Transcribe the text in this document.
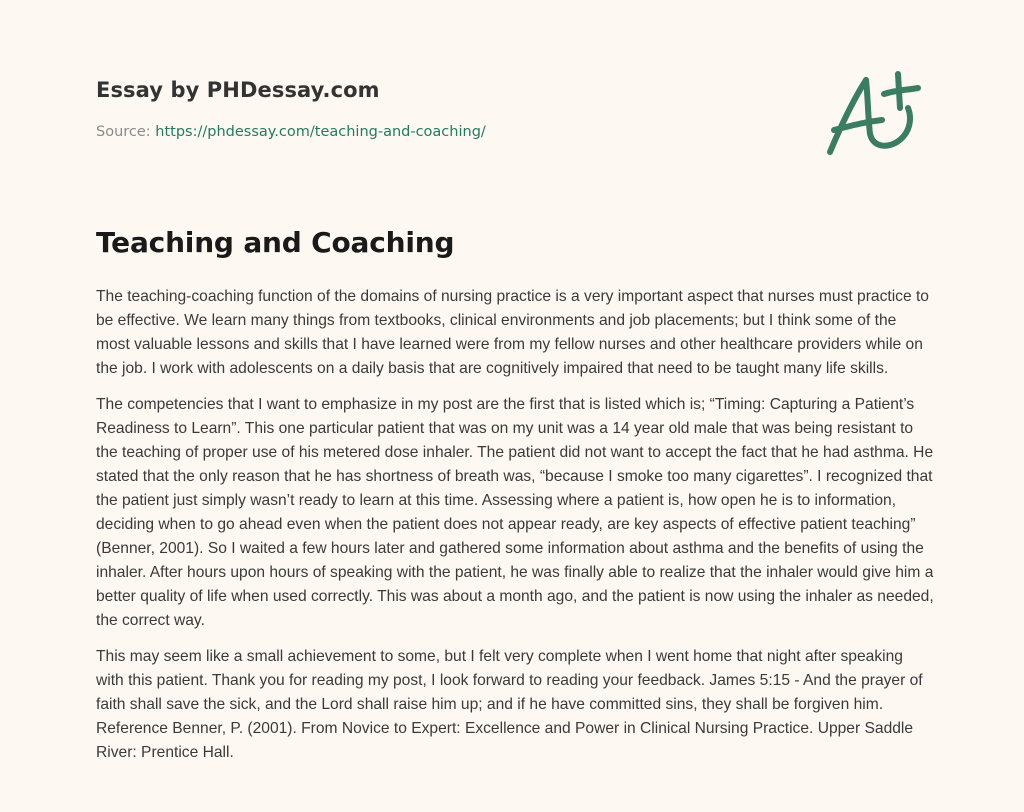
Essay by PHDessay.com
Source: https://phdessay.com/teaching-and-coaching/
Teaching and Coaching

The teaching-coaching function of the domains of nursing practice is a very important aspect that nurses must practice to be effective. We learn many things from textbooks, clinical environments and job placements; but I think some of the most valuable lessons and skills that I have learned were from my fellow nurses and other healthcare providers while on the job. I work with adolescents on a daily basis that are cognitively impaired that need to be taught many life skills.

The competencies that I want to emphasize in my post are the first that is listed which is; “Timing: Capturing a Patient’s Readiness to Learn”. This one particular patient that was on my unit was a 14 year old male that was being resistant to the teaching of proper use of his metered dose inhaler. The patient did not want to accept the fact that he had asthma. He stated that the only reason that he has shortness of breath was, “because I smoke too many cigarettes”. I recognized that the patient just simply wasn’t ready to learn at this time. Assessing where a patient is, how open he is to information, deciding when to go ahead even when the patient does not appear ready, are key aspects of effective patient teaching” (Benner, 2001). So I waited a few hours later and gathered some information about asthma and the benefits of using the inhaler. After hours upon hours of speaking with the patient, he was finally able to realize that the inhaler would give him a better quality of life when used correctly. This was about a month ago, and the patient is now using the inhaler as needed, the correct way.

This may seem like a small achievement to some, but I felt very complete when I went home that night after speaking with this patient. Thank you for reading my post, I look forward to reading your feedback. James 5:15 - And the prayer of faith shall save the sick, and the Lord shall raise him up; and if he have committed sins, they shall be forgiven him. Reference Benner, P. (2001). From Novice to Expert: Excellence and Power in Clinical Nursing Practice. Upper Saddle River: Prentice Hall.
